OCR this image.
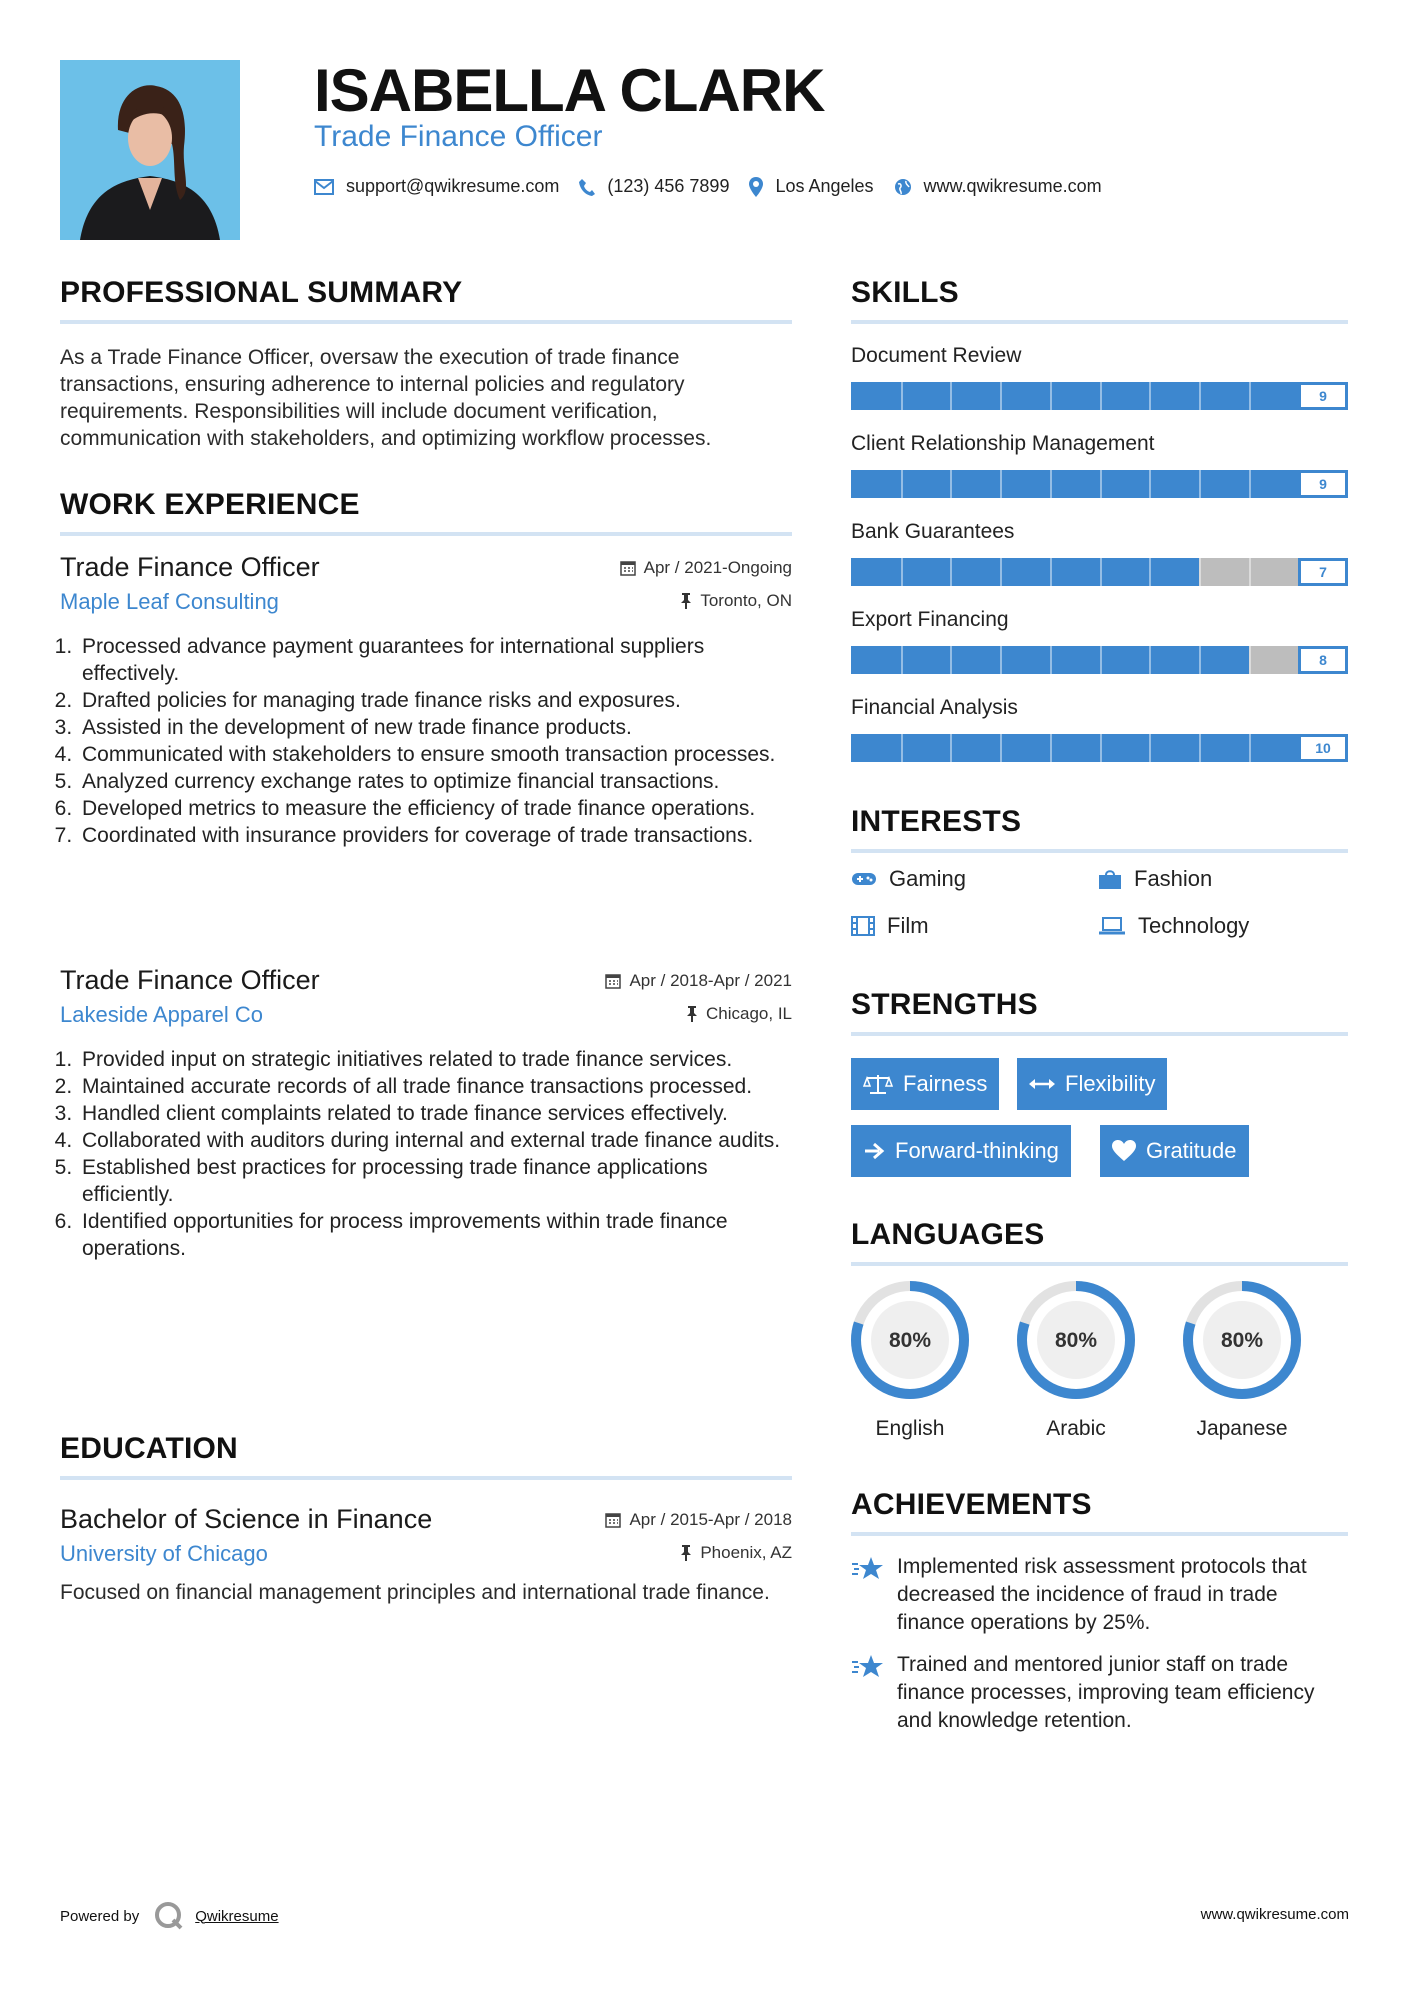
ISABELLA CLARK
Trade Finance Officer
support@qwikresume.com	(123) 456 7899	Los Angeles	www.qwikresume.com
PROFESSIONAL SUMMARY
As a Trade Finance Officer, oversaw the execution of trade finance transactions, ensuring adherence to internal policies and regulatory requirements. Responsibilities will include document verification, communication with stakeholders, and optimizing workflow processes.
WORK EXPERIENCE
Trade Finance Officer	Apr / 2021-Ongoing
Maple Leaf Consulting	Toronto, ON
1. Processed advance payment guarantees for international suppliers effectively.
2. Drafted policies for managing trade finance risks and exposures.
3. Assisted in the development of new trade finance products.
4. Communicated with stakeholders to ensure smooth transaction processes.
5. Analyzed currency exchange rates to optimize financial transactions.
6. Developed metrics to measure the efficiency of trade finance operations.
7. Coordinated with insurance providers for coverage of trade transactions.
Trade Finance Officer	Apr / 2018-Apr / 2021
Lakeside Apparel Co	Chicago, IL
1. Provided input on strategic initiatives related to trade finance services.
2. Maintained accurate records of all trade finance transactions processed.
3. Handled client complaints related to trade finance services effectively.
4. Collaborated with auditors during internal and external trade finance audits.
5. Established best practices for processing trade finance applications efficiently.
6. Identified opportunities for process improvements within trade finance operations.
EDUCATION
Bachelor of Science in Finance	Apr / 2015-Apr / 2018
University of Chicago	Phoenix, AZ
Focused on financial management principles and international trade finance.
SKILLS
Document Review
9
Client Relationship Management
9
Bank Guarantees
7
Export Financing
8
Financial Analysis
10
INTERESTS
Gaming	Fashion
Film	Technology
STRENGTHS
Fairness	Flexibility
Forward-thinking	Gratitude
LANGUAGES
80%
English
80%
Arabic
80%
Japanese
ACHIEVEMENTS
Implemented risk assessment protocols that decreased the incidence of fraud in trade finance operations by 25%.
Trained and mentored junior staff on trade finance processes, improving team efficiency and knowledge retention.
Powered by	Qwikresume	www.qwikresume.com
